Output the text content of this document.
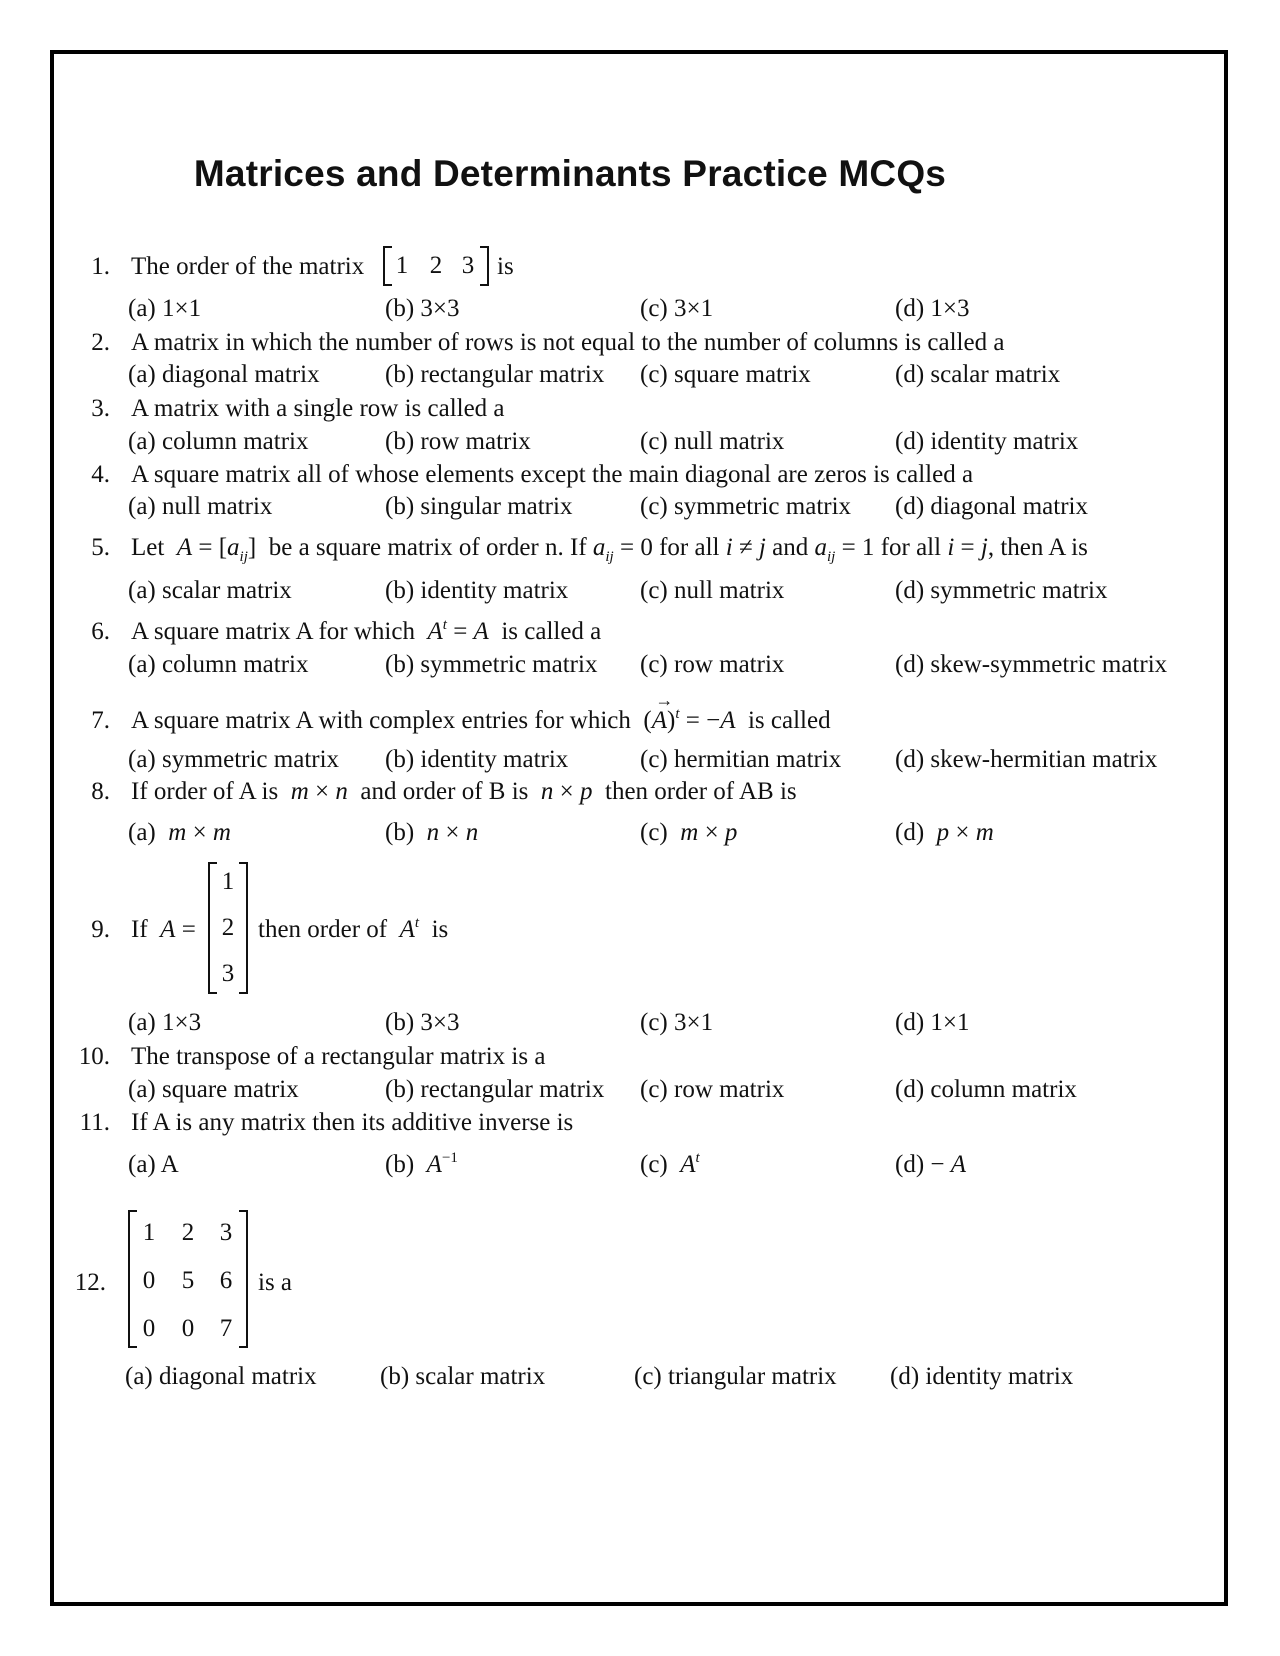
Matrices and Determinants Practice MCQs
1. The order of the matrix	1 2 3 is
(a) 1×1	(b) 3×3	(c) 3×1	(d) 1×3
2. A matrix in which the number of rows is not equal to the number of columns is called a
(a) diagonal matrix	(b) rectangular matrix (c) square matrix	(d) scalar matrix
3. A matrix with a single row is called a
(a) column matrix	(b) row matrix	(c) null matrix	(d) identity matrix
4. A square matrix all of whose elements except the main diagonal are zeros is called a
(a) null matrix	(b) singular matrix	(c) symmetric matrix (d) diagonal matrix
5. Let $A = [a_{ij}]$  be a square matrix of order n. If $a_{ij} = 0$ for all i ≠ j and $a_{ij} = 1$ for all i = j, then A is
(a) scalar matrix	(b) identity matrix	(c) null matrix	(d) symmetric matrix
6. A square matrix A for which $A^t = A$ is called a
(a) column matrix	(b) symmetric matrix (c) row matrix	(d) skew-symmetric matrix
7. A square matrix A with complex entries for which (A)
→
$^t$ = −A is called
(a) symmetric matrix (b) identity matrix	(c) hermitian matrix (d) skew-hermitian matrix
8. If order of A is m × n and order of B is n × p then order of AB is
(a) m × m	(b) n × n	(c) m × p	(d) p × m
9. If A =
1
2
3
then order of $A^t$ is
(a) 1×3	(b) 3×3	(c) 3×1	(d) 1×1
10. The transpose of a rectangular matrix is a
(a) square matrix	(b) rectangular matrix (c) row matrix	(d) column matrix
11. If A is any matrix then its additive inverse is
(a) A	(b) $A^{-1}$	(c) $A^t$	(d) − A
12.
1	2	3
0	5	6
0	0	7
is a
(a) diagonal matrix	(b) scalar matrix	(c) triangular matrix (d) identity matrix
